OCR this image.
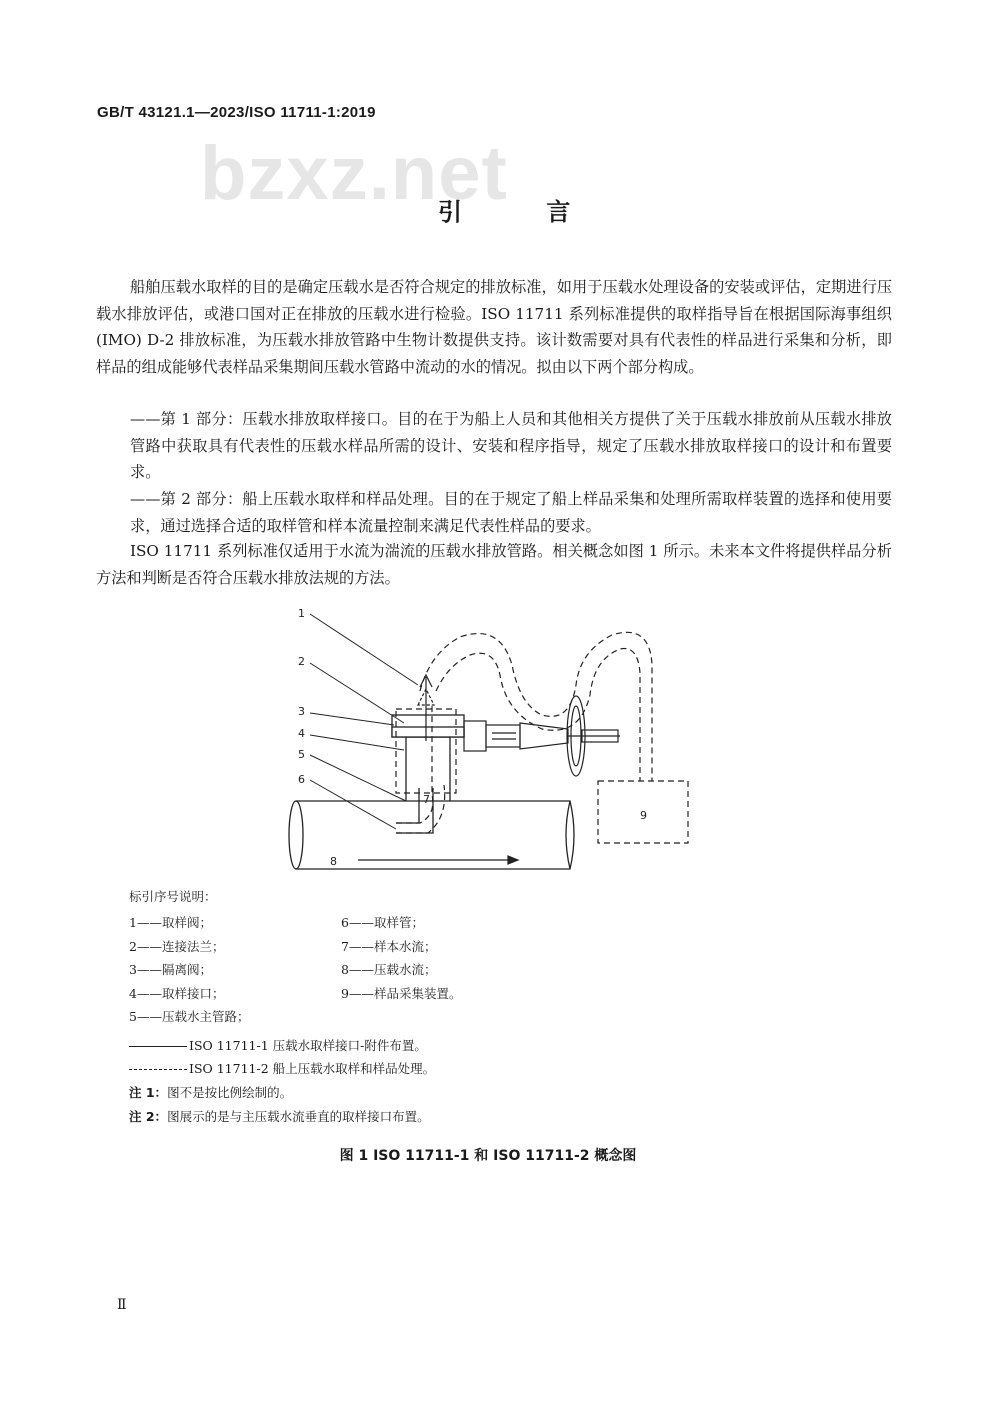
GB/T 43121.1—2023/ISO 11711-1:2019
bzxz.net
引 言
船舶压载水取样的目的是确定压载水是否符合规定的排放标准，如用于压载水处理设备的安装或评估，定期进行压载水排放评估，或港口国对正在排放的压载水进行检验。ISO 11711 系列标准提供的取样指导旨在根据国际海事组织(IMO) D-2 排放标准，为压载水排放管路中生物计数提供支持。该计数需要对具有代表性的样品进行采集和分析，即样品的组成能够代表样品采集期间压载水管路中流动的水的情况。拟由以下两个部分构成。
——第 1 部分：压载水排放取样接口。目的在于为船上人员和其他相关方提供了关于压载水排放前从压载水排放管路中获取具有代表性的压载水样品所需的设计、安装和程序指导，规定了压载水排放取样接口的设计和布置要求。
——第 2 部分：船上压载水取样和样品处理。目的在于规定了船上样品采集和处理所需取样装置的选择和使用要求，通过选择合适的取样管和样本流量控制来满足代表性样品的要求。
ISO 11711 系列标准仅适用于水流为湍流的压载水排放管路。相关概念如图 1 所示。未来本文件将提供样品分析方法和判断是否符合压载水排放法规的方法。
1
2
3
4
5
6
7
8
9
标引序号说明：
1——取样阀；
2——连接法兰；
3——隔离阀；
4——取样接口；
5——压载水主管路；
6——取样管；
7——样本水流；
8——压载水流；
9——样品采集装置。
ISO 11711-1 压载水取样接口-附件布置。
ISO 11711-2 船上压载水取样和样品处理。
注 1：图不是按比例绘制的。
注 2：图展示的是与主压载水流垂直的取样接口布置。
图 1 ISO 11711-1 和 ISO 11711-2 概念图
Ⅱ
